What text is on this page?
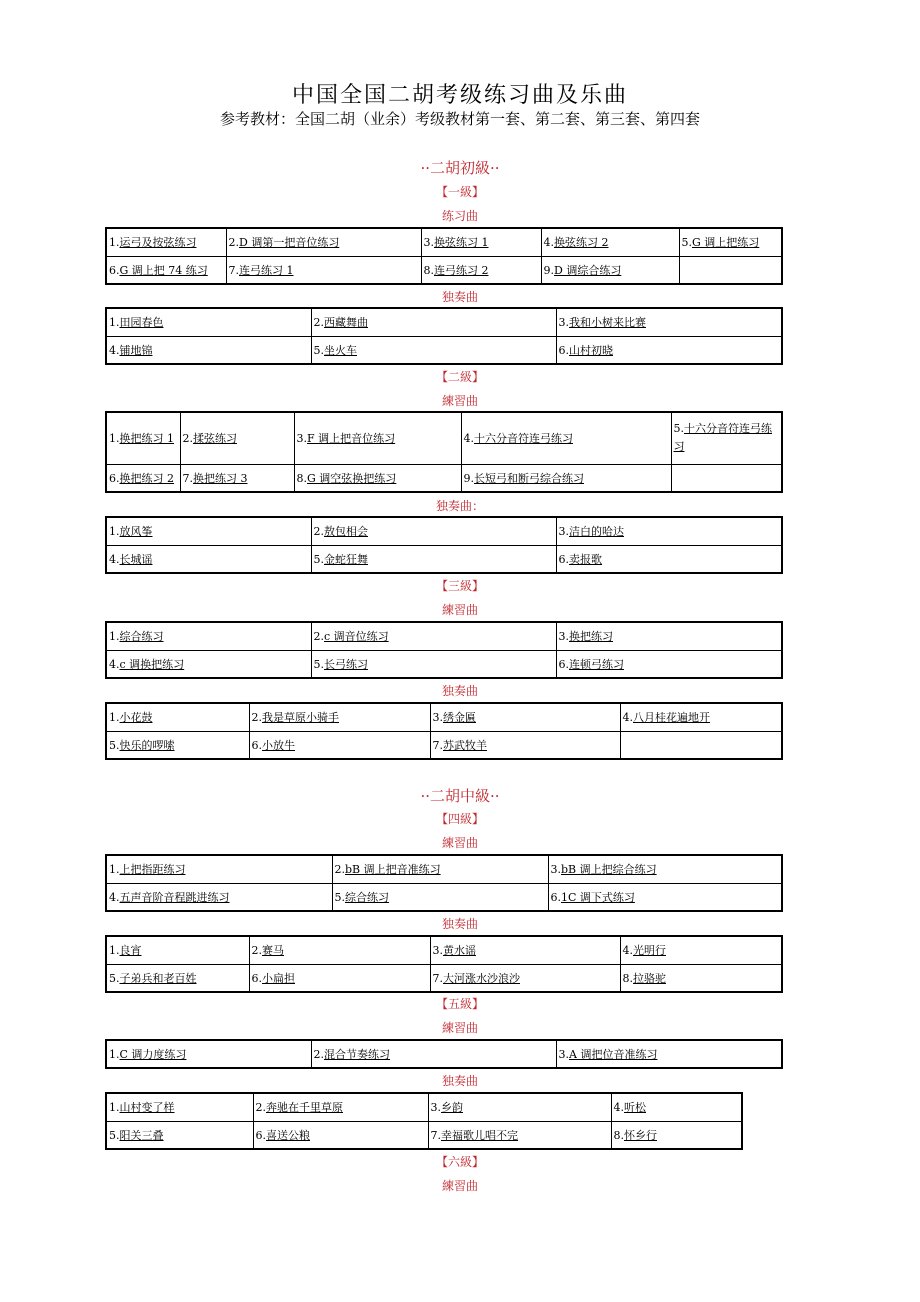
中国全国二胡考级练习曲及乐曲
参考教材：全国二胡（业余）考级教材第一套、第二套、第三套、第四套
··二胡初級··
【一級】
练习曲
1.运弓及按弦练习	2.D 调第一把音位练习	3.换弦练习 1	4.换弦练习 2	5.G 调上把练习
6.G 调上把 74 练习	7.连弓练习 1	8.连弓练习 2	9.D 调综合练习	
独奏曲
1.田园春色	2.西藏舞曲	3.我和小树来比赛
4.铺地锦	5.坐火车	6.山村初晓
【二級】
練習曲
1.换把练习 1	2.揉弦练习	3.F 调上把音位练习	4.十六分音符连弓练习	5.十六分音符连弓练习
6.换把练习 2	7.换把练习 3	8.G 调空弦换把练习	9.长短弓和断弓综合练习	
独奏曲：
1.放风筝	2.敖包相会	3.洁白的哈达
4.长城谣	5.金蛇狂舞	6.卖报歌
【三級】
練習曲
1.综合练习	2.c 调音位练习	3.换把练习
4.c 调换把练习	5.长弓练习	6.连顿弓练习
独奏曲
1.小花鼓	2.我是草原小骑手	3.绣金匾	4.八月桂花遍地开
5.快乐的啰嗦	6.小放牛	7.苏武牧羊	
··二胡中級··
【四級】
練習曲
1.上把指距练习	2.bB 调上把音准练习	3.bB 调上把综合练习
4.五声音阶音程跳进练习	5.综合练习	6.1C 调下式练习
独奏曲
1.良宵	2.赛马	3.黄水谣	4.光明行
5.子弟兵和老百姓	6.小扁担	7.大河涨水沙浪沙	8.拉骆驼
【五級】
練習曲
1.C 调力度练习	2.混合节奏练习	3.A 调把位音准练习
独奏曲
1.山村变了样	2.奔驰在千里草原	3.乡韵	4.听松
5.阳关三叠	6.喜送公粮	7.幸福歌儿唱不完	8.怀乡行
【六級】
練習曲
